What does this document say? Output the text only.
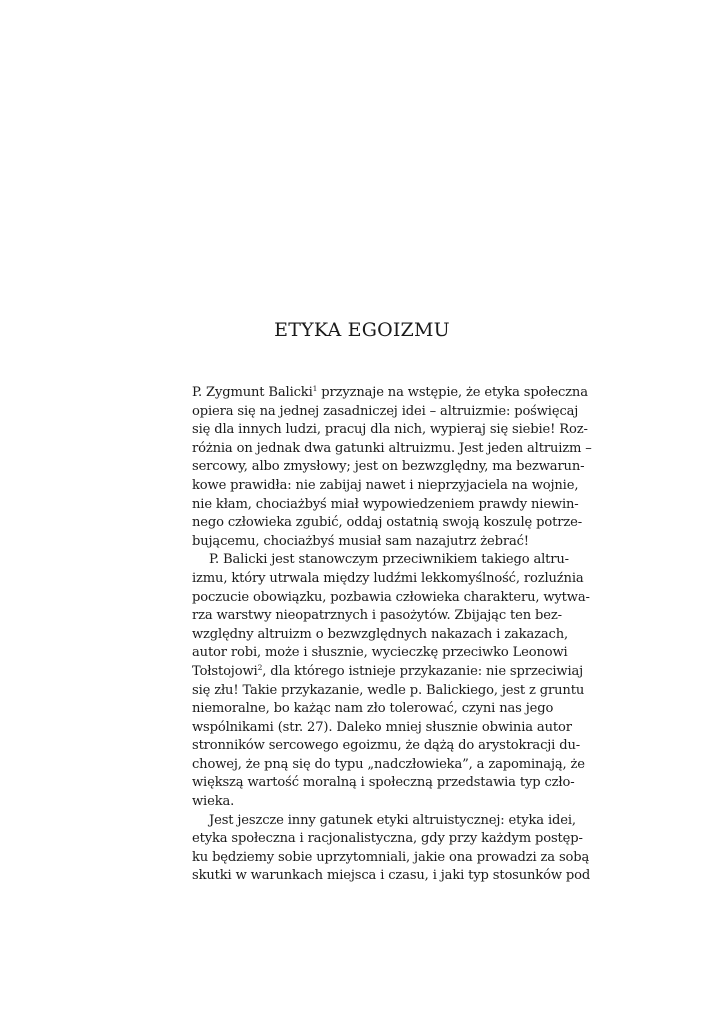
ETYKA EGOIZMU
P. Zygmunt Balicki$^1$ przyznaje na wstępie, że etyka społeczna
opiera się na jednej zasadniczej idei – altruizmie: poświęcaj
się dla innych ludzi, pracuj dla nich, wypieraj się siebie! Roz-
różnia on jednak dwa gatunki altruizmu. Jest jeden altruizm –
sercowy, albo zmysłowy; jest on bezwzględny, ma bezwarun-
kowe prawidła: nie zabijaj nawet i nieprzyjaciela na wojnie,
nie kłam, chociażbyś miał wypowiedzeniem prawdy niewin-
nego człowieka zgubić, oddaj ostatnią swoją koszulę potrze-
bującemu, chociażbyś musiał sam nazajutrz żebrać!
P. Balicki jest stanowczym przeciwnikiem takiego altru-
izmu, który utrwala między ludźmi lekkomyślność, rozluźnia
poczucie obowiązku, pozbawia człowieka charakteru, wytwa-
rza warstwy nieopatrznych i pasożytów. Zbijając ten bez-
względny altruizm o bezwzględnych nakazach i zakazach,
autor robi, może i słusznie, wycieczkę przeciwko Leonowi
Tołstojowi$^2$, dla którego istnieje przykazanie: nie sprzeciwiaj
się złu! Takie przykazanie, wedle p. Balickiego, jest z gruntu
niemoralne, bo każąc nam zło tolerować, czyni nas jego
wspólnikami (str. 27). Daleko mniej słusznie obwinia autor
stronników sercowego egoizmu, że dążą do arystokracji du-
chowej, że pną się do typu „nadczłowieka”, a zapominają, że
większą wartość moralną i społeczną przedstawia typ czło-
wieka.
Jest jeszcze inny gatunek etyki altruistycznej: etyka idei,
etyka społeczna i racjonalistyczna, gdy przy każdym postęp-
ku będziemy sobie uprzytomniali, jakie ona prowadzi za sobą
skutki w warunkach miejsca i czasu, i jaki typ stosunków pod
